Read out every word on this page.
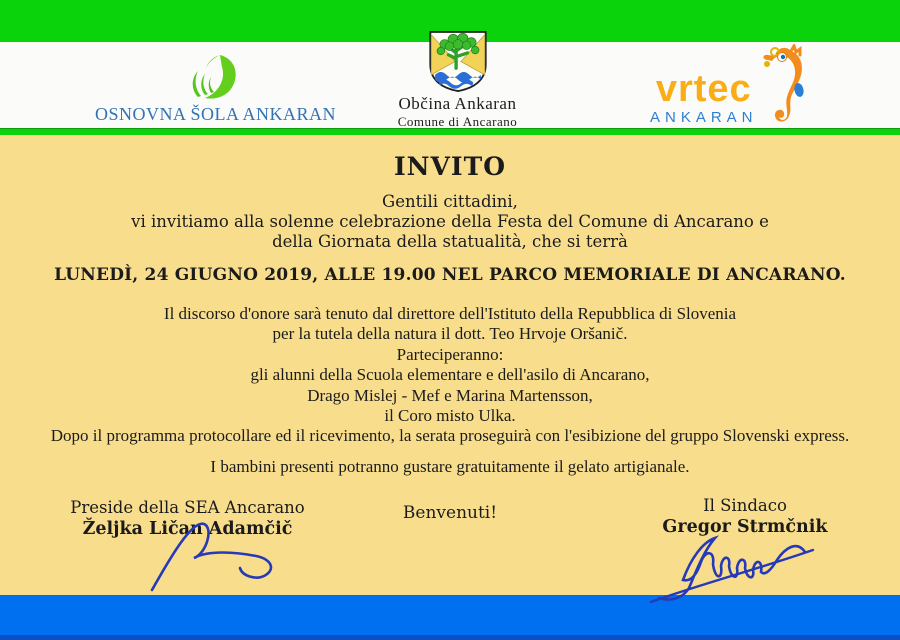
OSNOVNA ŠOLA ANKARAN
Občina Ankaran
Comune di Ancarano
vrtec
ANKARAN
INVITO
Gentili cittadini,
vi invitiamo alla solenne celebrazione della Festa del Comune di Ancarano e
della Giornata della statualità, che si terrà
LUNEDÌ, 24 GIUGNO 2019, ALLE 19.00 NEL PARCO MEMORIALE DI ANCARANO.
Il discorso d'onore sarà tenuto dal direttore dell'Istituto della Repubblica di Slovenia
per la tutela della natura il dott. Teo Hrvoje Oršanič.
Parteciperanno:
gli alunni della Scuola elementare e dell'asilo di Ancarano,
Drago Mislej - Mef e Marina Martensson,
il Coro misto Ulka.
Dopo il programma protocollare ed il ricevimento, la serata proseguirà con l'esibizione del gruppo Slovenski express.
I bambini presenti potranno gustare gratuitamente il gelato artigianale.
Preside della SEA Ancarano
Željka Ličan Adamčič
Benvenuti!	Il Sindaco
Gregor Strmčnik
